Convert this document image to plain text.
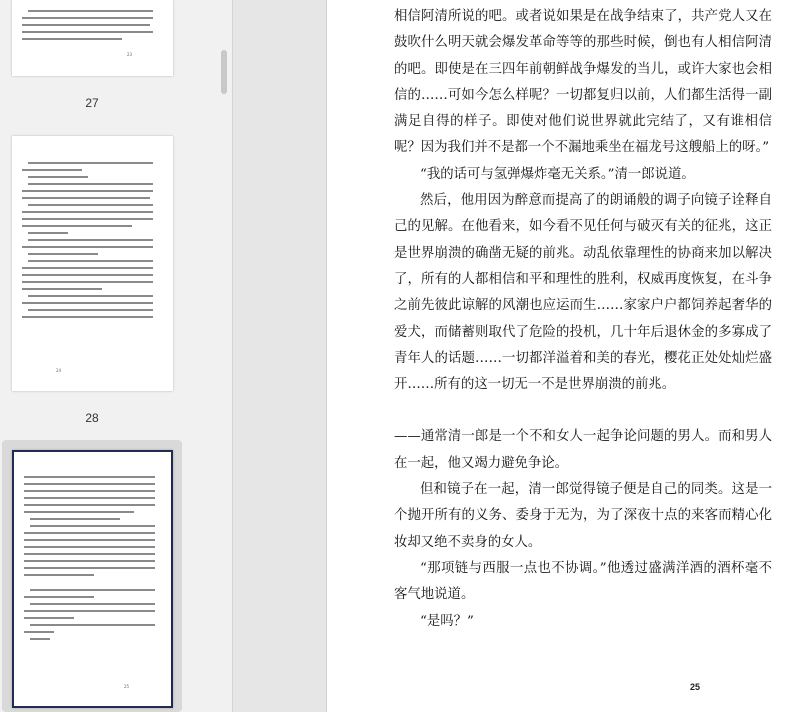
23
27
24
28
25

相信阿清所说的吧。或者说如果是在战争结束了，共产党人又在鼓吹什么明天就会爆发革命等等的那些时候，倒也有人相信阿清的吧。即使是在三四年前朝鲜战争爆发的当儿，或许大家也会相信的……可如今怎么样呢？一切都复归以前，人们都生活得一副满足自得的样子。即使对他们说世界就此完结了，又有谁相信呢？因为我们并不是都一个不漏地乘坐在福龙号这艘船上的呀。”

“我的话可与氢弹爆炸毫无关系。”清一郎说道。

然后，他用因为醉意而提高了的朗诵般的调子向镜子诠释自己的见解。在他看来，如今看不见任何与破灭有关的征兆，这正是世界崩溃的确凿无疑的前兆。动乱依靠理性的协商来加以解决了，所有的人都相信和平和理性的胜利，权威再度恢复，在斗争之前先彼此谅解的风潮也应运而生……家家户户都饲养起奢华的爱犬，而储蓄则取代了危险的投机，几十年后退休金的多寡成了青年人的话题……一切都洋溢着和美的春光，樱花正处处灿烂盛开……所有的这一切无一不是世界崩溃的前兆。

——通常清一郎是一个不和女人一起争论问题的男人。而和男人在一起，他又竭力避免争论。

但和镜子在一起，清一郎觉得镜子便是自己的同类。这是一个抛开所有的义务、委身于无为，为了深夜十点的来客而精心化妆却又绝不卖身的女人。

“那项链与西服一点也不协调。”他透过盛满洋酒的酒杯毫不客气地说道。

“是吗？”

25
